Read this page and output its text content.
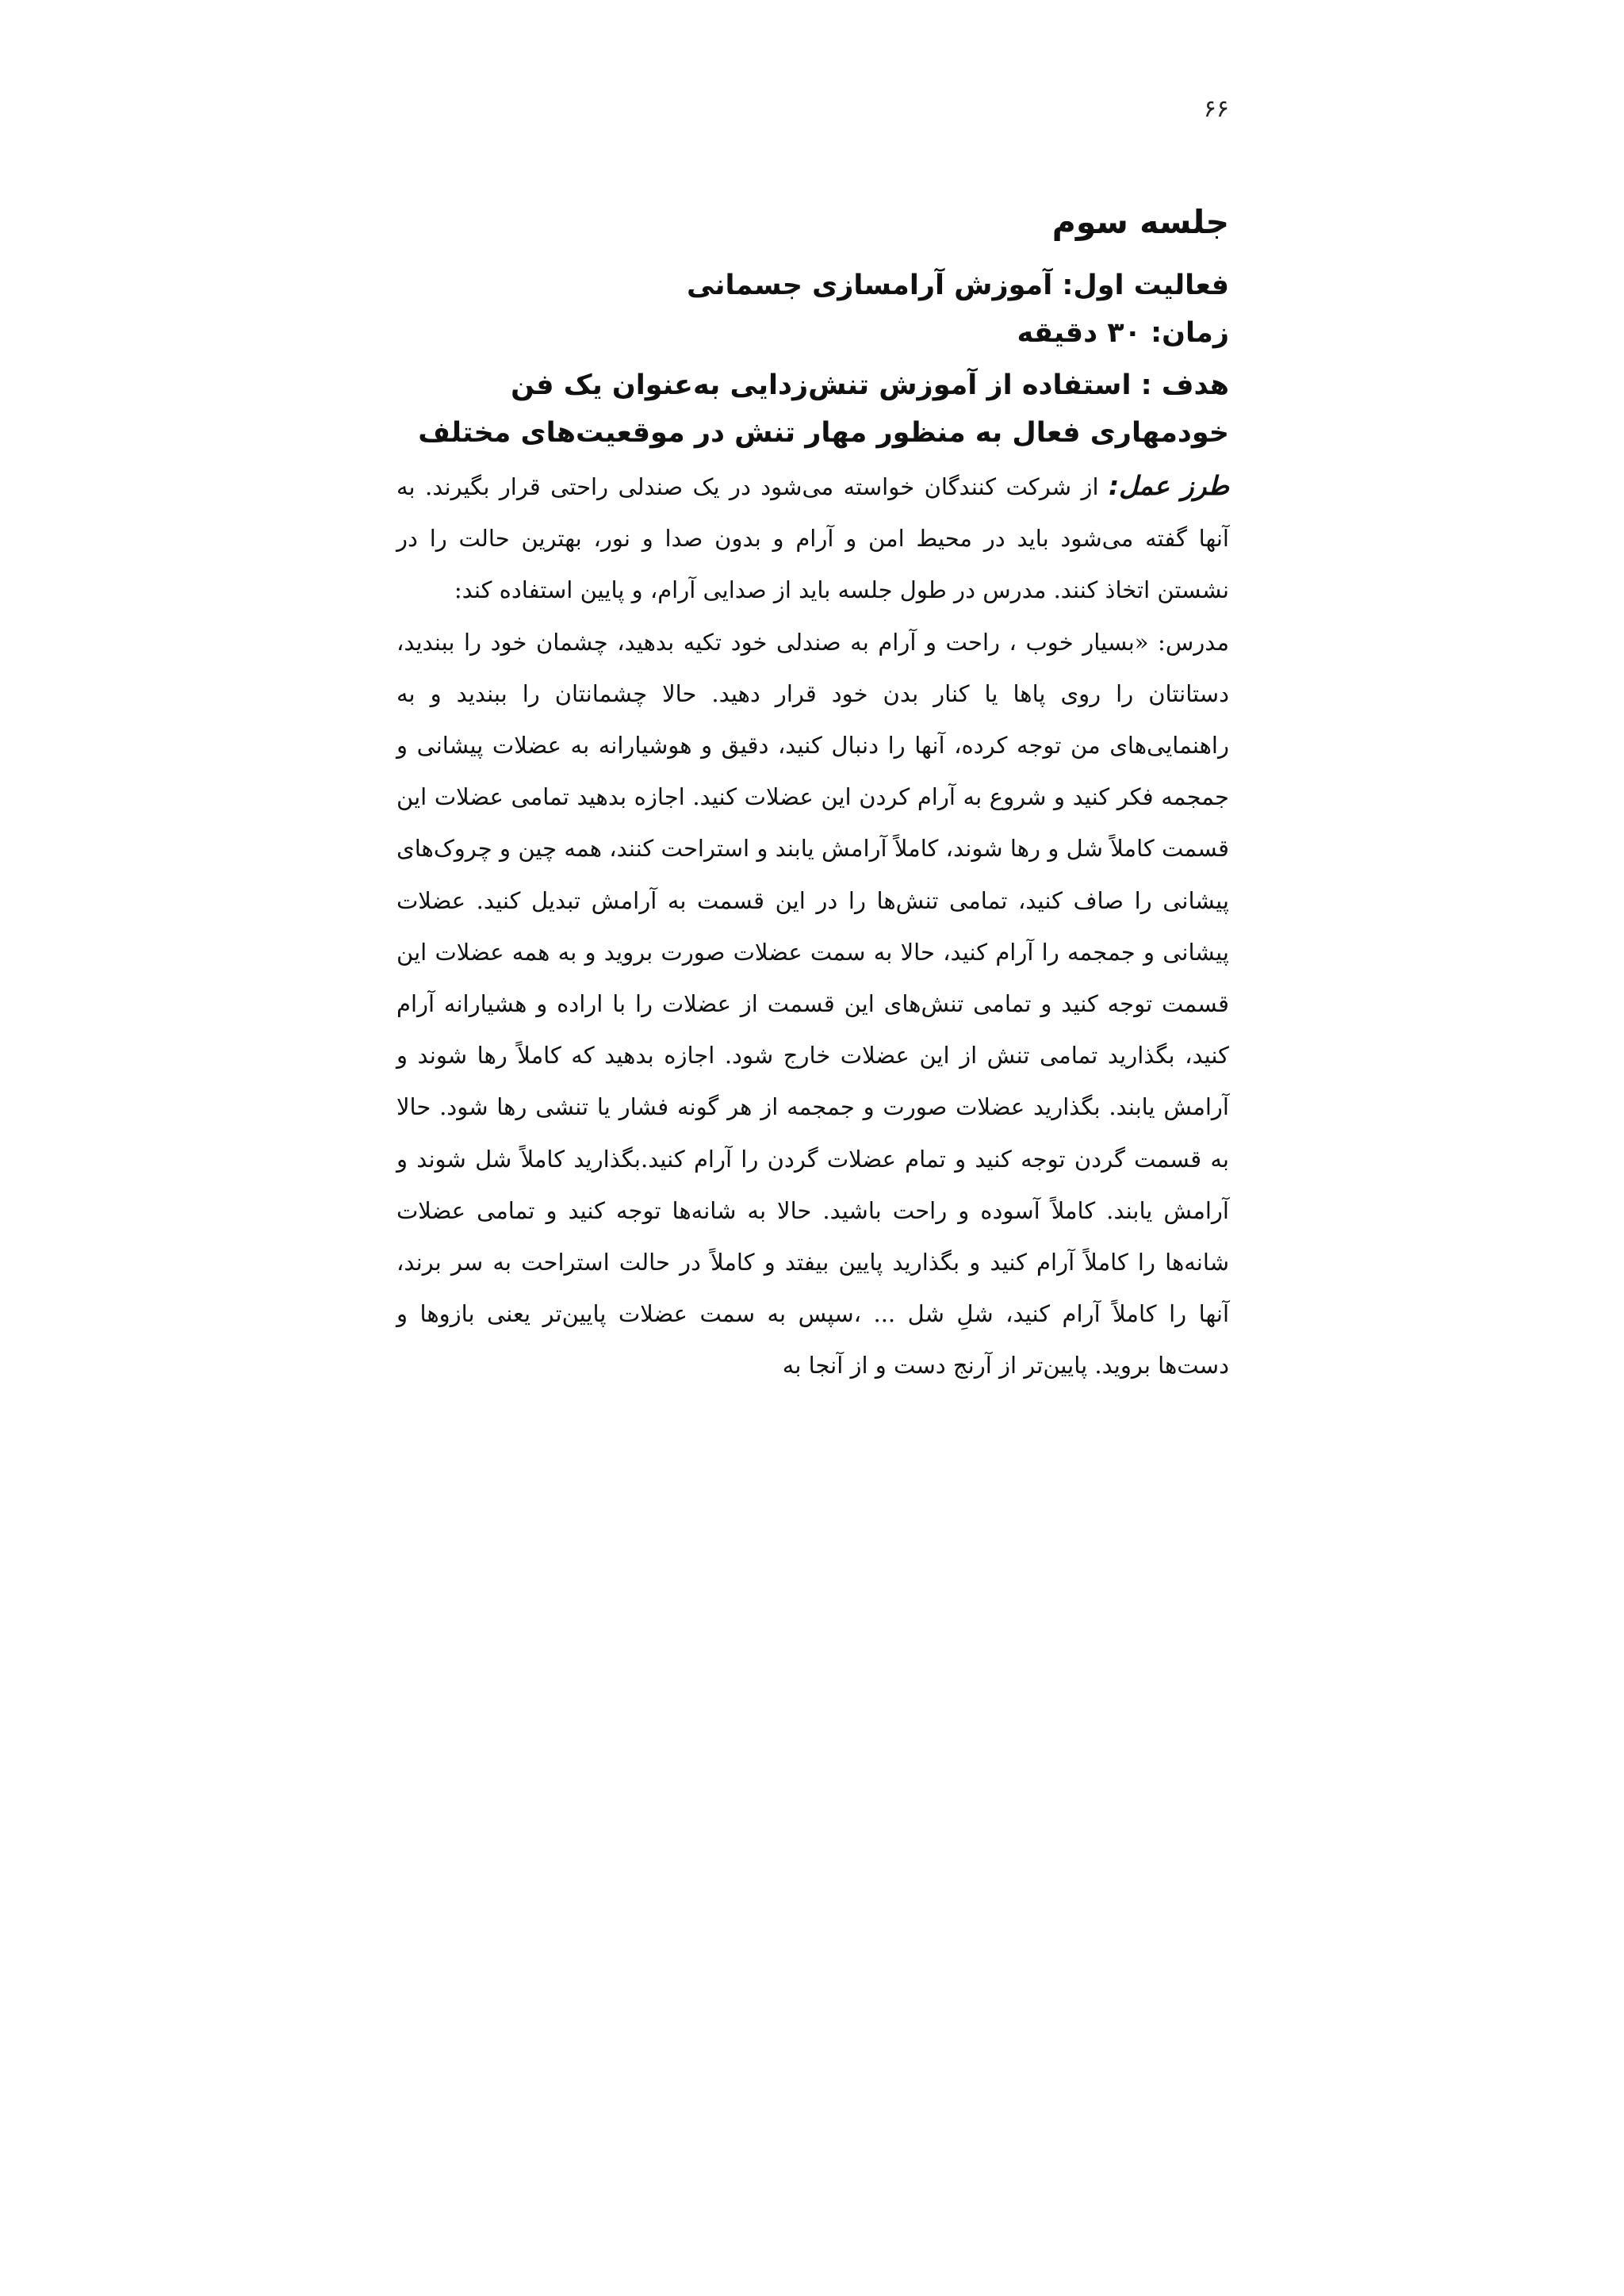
۶۶
جلسه سوم
فعالیت اول: آموزش آرامسازی جسمانی
زمان: ۳۰ دقیقه
هدف : استفاده از آموزش تنش‌زدایی به‌عنوان یک فن خودمهاری فعال به منظور مهار تنش در موقعیت‌های مختلف

طرز عمل: از شرکت کنندگان خواسته می‌شود در یک صندلی راحتی قرار بگیرند. به آنها گفته می‌شود باید در محیط امن و آرام و بدون صدا و نور، بهترین حالت را در نشستن اتخاذ کنند. مدرس در طول جلسه باید از صدایی آرام، و پایین استفاده کند:

مدرس: «بسیار خوب ، راحت و آرام به صندلی خود تکیه بدهید، چشمان خود را ببندید، دستانتان را روی پاها یا کنار بدن خود قرار دهید. حالا چشمانتان را ببندید و به راهنمایی‌های من توجه کرده، آنها را دنبال کنید، دقیق و هوشیارانه به عضلات پیشانی و جمجمه فکر کنید و شروع به آرام کردن این عضلات کنید. اجازه بدهید تمامی عضلات این قسمت کاملاً شل و رها شوند، کاملاً آرامش یابند و استراحت کنند، همه چین و چروک‌های پیشانی را صاف کنید، تمامی تنش‌ها را در این قسمت به آرامش تبدیل کنید. عضلات پیشانی و جمجمه را آرام کنید، حالا به سمت عضلات صورت بروید و به همه عضلات این قسمت توجه کنید و تمامی تنش‌های این قسمت از عضلات را با اراده و هشیارانه آرام کنید، بگذارید تمامی تنش از این عضلات خارج شود. اجازه بدهید که کاملاً رها شوند و آرامش یابند. بگذارید عضلات صورت و جمجمه از هر گونه فشار یا تنشی رها شود. حالا به قسمت گردن توجه کنید و تمام عضلات گردن را آرام کنید.بگذارید کاملاً شل شوند و آرامش یابند. کاملاً آسوده و راحت باشید. حالا به شانه‌ها توجه کنید و تمامی عضلات شانه‌ها را کاملاً آرام کنید و بگذارید پایین بیفتد و کاملاً در حالت استراحت به سر برند، آنها را کاملاً آرام کنید، شلِ شل ... ،سپس به سمت عضلات پایین‌تر یعنی بازوها و دست‌ها بروید. پایین‌تر از آرنج دست و از آنجا به
